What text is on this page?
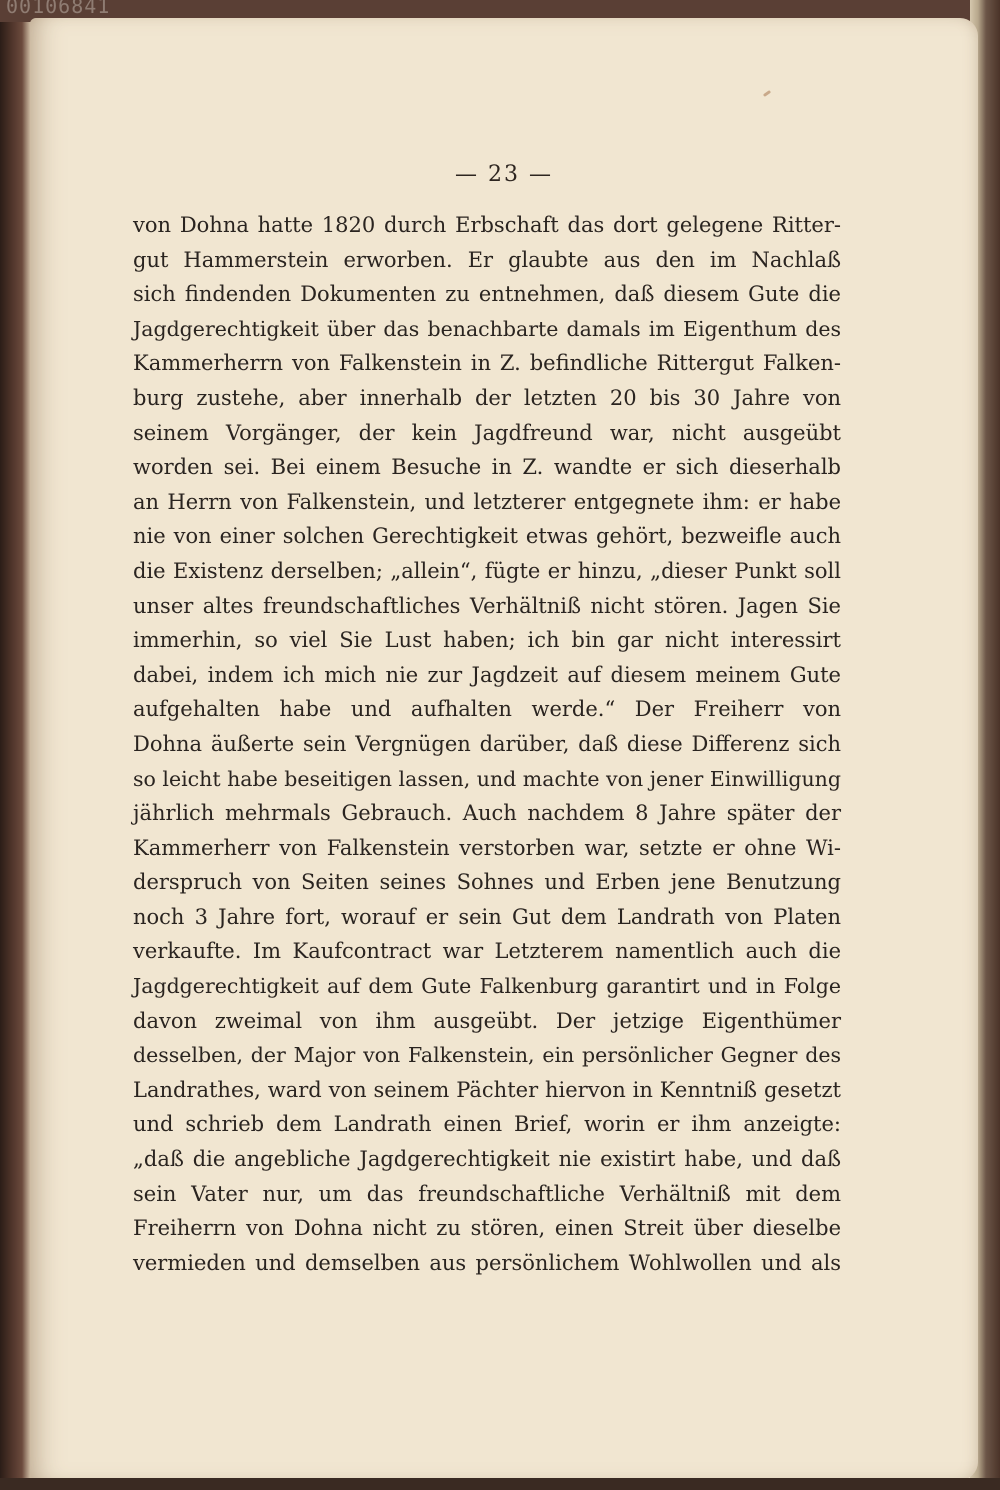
00106841
— 23 —
von Dohna hatte 1820 durch Erbschaft das dort gelegene Ritter-
gut Hammerstein erworben. Er glaubte aus den im Nachlaß
sich findenden Dokumenten zu entnehmen, daß diesem Gute die
Jagdgerechtigkeit über das benachbarte damals im Eigenthum des
Kammerherrn von Falkenstein in Z. befindliche Rittergut Falken-
burg zustehe, aber innerhalb der letzten 20 bis 30 Jahre von
seinem Vorgänger, der kein Jagdfreund war, nicht ausgeübt
worden sei. Bei einem Besuche in Z. wandte er sich dieserhalb
an Herrn von Falkenstein, und letzterer entgegnete ihm: er habe
nie von einer solchen Gerechtigkeit etwas gehört, bezweifle auch
die Existenz derselben; „allein“, fügte er hinzu, „dieser Punkt soll
unser altes freundschaftliches Verhältniß nicht stören. Jagen Sie
immerhin, so viel Sie Lust haben; ich bin gar nicht interessirt
dabei, indem ich mich nie zur Jagdzeit auf diesem meinem Gute
aufgehalten habe und aufhalten werde.“ Der Freiherr von
Dohna äußerte sein Vergnügen darüber, daß diese Differenz sich
so leicht habe beseitigen lassen, und machte von jener Einwilligung
jährlich mehrmals Gebrauch. Auch nachdem 8 Jahre später der
Kammerherr von Falkenstein verstorben war, setzte er ohne Wi-
derspruch von Seiten seines Sohnes und Erben jene Benutzung
noch 3 Jahre fort, worauf er sein Gut dem Landrath von Platen
verkaufte. Im Kaufcontract war Letzterem namentlich auch die
Jagdgerechtigkeit auf dem Gute Falkenburg garantirt und in Folge
davon zweimal von ihm ausgeübt. Der jetzige Eigenthümer
desselben, der Major von Falkenstein, ein persönlicher Gegner des
Landrathes, ward von seinem Pächter hiervon in Kenntniß gesetzt
und schrieb dem Landrath einen Brief, worin er ihm anzeigte:
„daß die angebliche Jagdgerechtigkeit nie existirt habe, und daß
sein Vater nur, um das freundschaftliche Verhältniß mit dem
Freiherrn von Dohna nicht zu stören, einen Streit über dieselbe
vermieden und demselben aus persönlichem Wohlwollen und als
